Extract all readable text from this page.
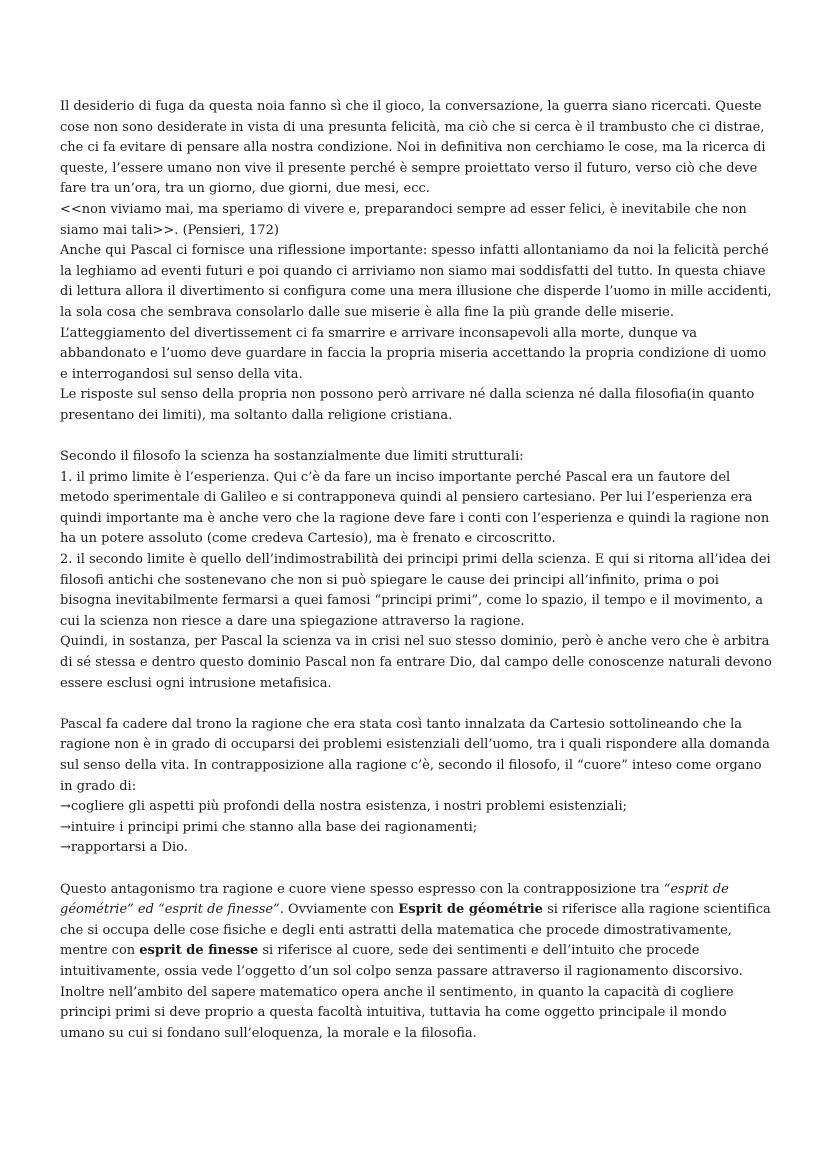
Il desiderio di fuga da questa noia fanno sì che il gioco, la conversazione, la guerra siano ricercati. Queste cose non sono desiderate in vista di una presunta felicità, ma ciò che si cerca è il trambusto che ci distrae, che ci fa evitare di pensare alla nostra condizione. Noi in definitiva non cerchiamo le cose, ma la ricerca di queste, l’essere umano non vive il presente perché è sempre proiettato verso il futuro, verso ciò che deve fare tra un’ora, tra un giorno, due giorni, due mesi, ecc.

<<non viviamo mai, ma speriamo di vivere e, preparandoci sempre ad esser felici, è inevitabile che non siamo mai tali>>. (Pensieri, 172)

Anche qui Pascal ci fornisce una riflessione importante: spesso infatti allontaniamo da noi la felicità perché la leghiamo ad eventi futuri e poi quando ci arriviamo non siamo mai soddisfatti del tutto. In questa chiave di lettura allora il divertimento si configura come una mera illusione che disperde l’uomo in mille accidenti, la sola cosa che sembrava consolarlo dalle sue miserie è alla fine la più grande delle miserie.

L’atteggiamento del divertissement ci fa smarrire e arrivare inconsapevoli alla morte, dunque va abbandonato e l’uomo deve guardare in faccia la propria miseria accettando la propria condizione di uomo e interrogandosi sul senso della vita.

Le risposte sul senso della propria non possono però arrivare né dalla scienza né dalla filosofia(in quanto presentano dei limiti), ma soltanto dalla religione cristiana.

Secondo il filosofo la scienza ha sostanzialmente due limiti strutturali:

1. il primo limite è l’esperienza. Qui c’è da fare un inciso importante perché Pascal era un fautore del metodo sperimentale di Galileo e si contrapponeva quindi al pensiero cartesiano. Per lui l’esperienza era quindi importante ma è anche vero che la ragione deve fare i conti con l’esperienza e quindi la ragione non ha un potere assoluto (come credeva Cartesio), ma è frenato e circoscritto.

2. il secondo limite è quello dell’indimostrabilità dei principi primi della scienza. E qui si ritorna all’idea dei filosofi antichi che sostenevano che non si può spiegare le cause dei principi all’infinito, prima o poi bisogna inevitabilmente fermarsi a quei famosi “principi primi”, come lo spazio, il tempo e il movimento, a cui la scienza non riesce a dare una spiegazione attraverso la ragione.

Quindi, in sostanza, per Pascal la scienza va in crisi nel suo stesso dominio, però è anche vero che è arbitra di sé stessa e dentro questo dominio Pascal non fa entrare Dio, dal campo delle conoscenze naturali devono essere esclusi ogni intrusione metafisica.

Pascal fa cadere dal trono la ragione che era stata così tanto innalzata da Cartesio sottolineando che la ragione non è in grado di occuparsi dei problemi esistenziali dell’uomo, tra i quali rispondere alla domanda sul senso della vita. In contrapposizione alla ragione c’è, secondo il filosofo, il “cuore” inteso come organo in grado di:

→cogliere gli aspetti più profondi della nostra esistenza, i nostri problemi esistenziali;

→intuire i principi primi che stanno alla base dei ragionamenti;

→rapportarsi a Dio.

Questo antagonismo tra ragione e cuore viene spesso espresso con la contrapposizione tra “esprit de géométrie” ed “esprit de finesse”. Ovviamente con Esprit de géométrie si riferisce alla ragione scientifica che si occupa delle cose fisiche e degli enti astratti della matematica che procede dimostrativamente, mentre con esprit de finesse si riferisce al cuore, sede dei sentimenti e dell’intuito che procede intuitivamente, ossia vede l’oggetto d’un sol colpo senza passare attraverso il ragionamento discorsivo. Inoltre nell’ambito del sapere matematico opera anche il sentimento, in quanto la capacità di cogliere principi primi si deve proprio a questa facoltà intuitiva, tuttavia ha come oggetto principale il mondo umano su cui si fondano sull’eloquenza, la morale e la filosofia.
